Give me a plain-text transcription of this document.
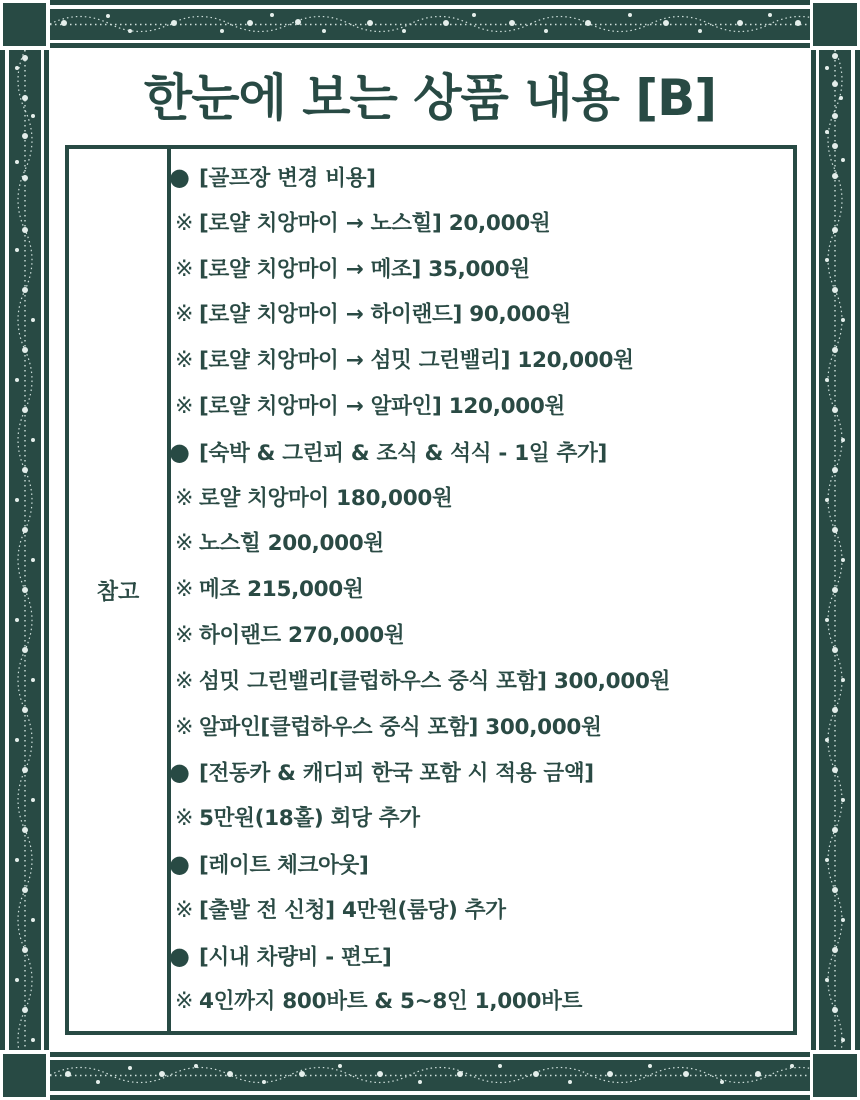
한눈에 보는 상품 내용 [B]
참고
● [골프장 변경 비용]
※ [로얄 치앙마이 → 노스힐] 20,000원
※ [로얄 치앙마이 → 메조] 35,000원
※ [로얄 치앙마이 → 하이랜드] 90,000원
※ [로얄 치앙마이 → 섬밋 그린밸리] 120,000원
※ [로얄 치앙마이 → 알파인] 120,000원
● [숙박 & 그린피 & 조식 & 석식 - 1일 추가]
※ 로얄 치앙마이 180,000원
※ 노스힐 200,000원
※ 메조 215,000원
※ 하이랜드 270,000원
※ 섬밋 그린밸리[클럽하우스 중식 포함] 300,000원
※ 알파인[클럽하우스 중식 포함] 300,000원
● [전동카 & 캐디피 한국 포함 시 적용 금액]
※ 5만원(18홀) 회당 추가
● [레이트 체크아웃]
※ [출발 전 신청] 4만원(룸당) 추가
● [시내 차량비 - 편도]
※ 4인까지 800바트 & 5~8인 1,000바트
